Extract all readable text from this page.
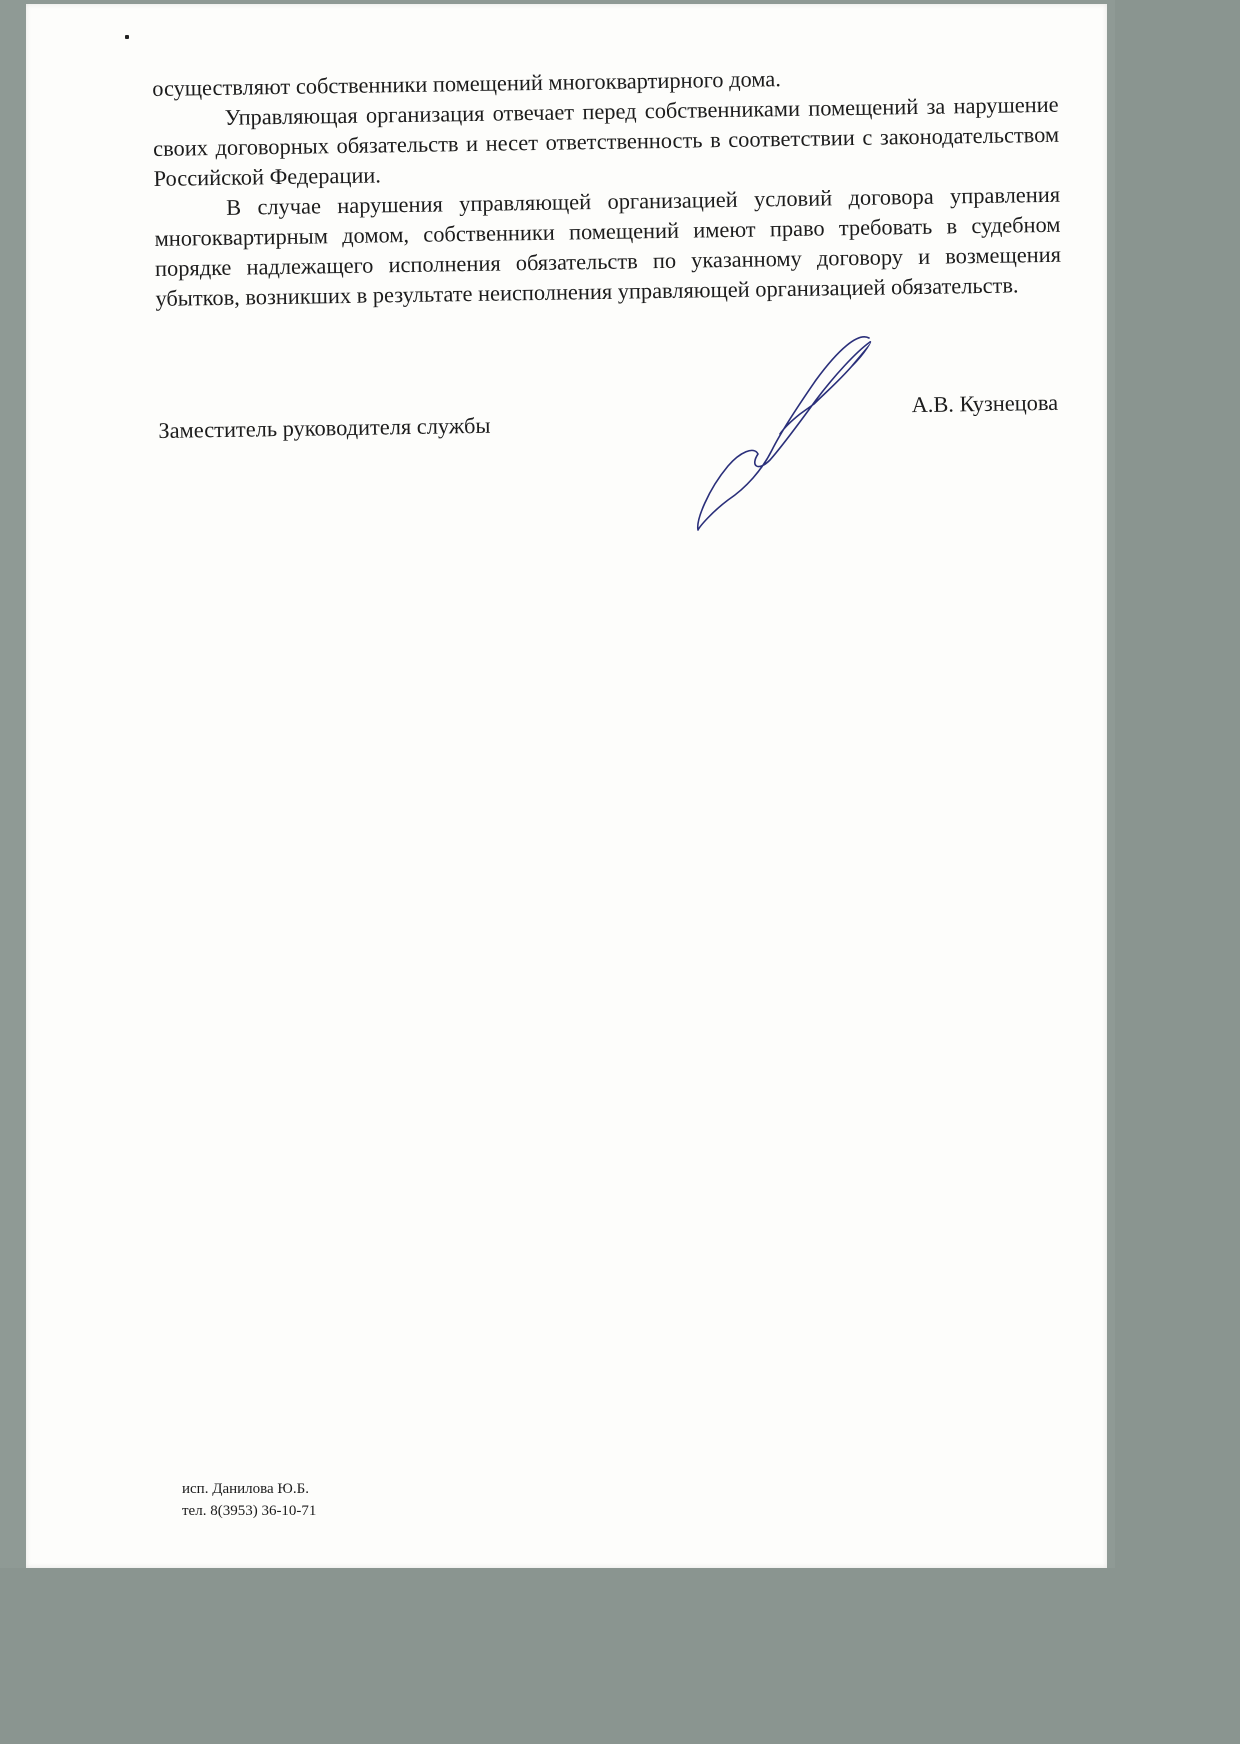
осуществляют собственники помещений многоквартирного дома.

Управляющая организация отвечает перед собственниками помещений за нарушение своих договорных обязательств и несет ответственность в соответствии с законодательством Российской Федерации.

В случае нарушения управляющей организацией условий договора управления многоквартирным домом, собственники помещений имеют право требовать в судебном порядке надлежащего исполнения обязательств по указанному договору и возмещения убытков, возникших в результате неисполнения управляющей организацией обязательств.

Заместитель руководителя службы
А.В. Кузнецова
исп. Данилова Ю.Б.
тел. 8(3953) 36-10-71
